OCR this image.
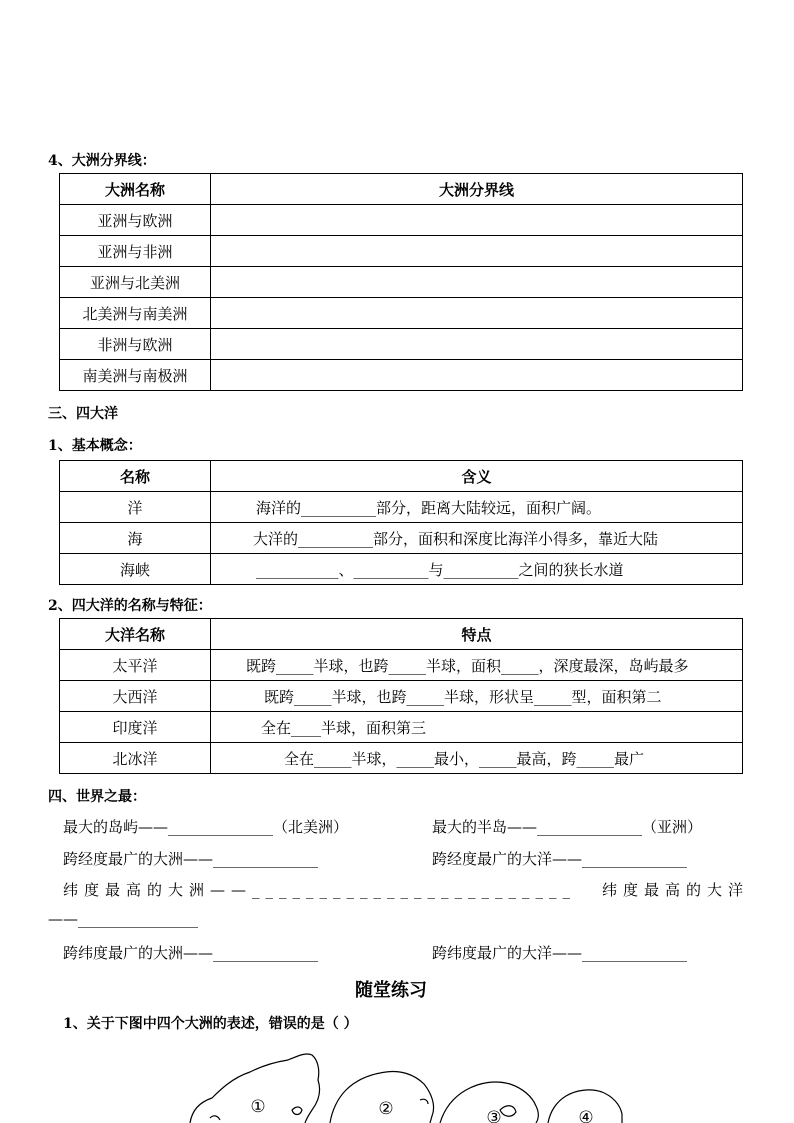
4、大洲分界线：
大洲名称	大洲分界线
亚洲与欧洲	
亚洲与非洲	
亚洲与北美洲	
北美洲与南美洲	
非洲与欧洲	
南美洲与南极洲	
三、四大洋
1、基本概念：
名称	含义
洋	海洋的__________部分，距离大陆较远，面积广阔。
海	大洋的__________部分，面积和深度比海洋小得多，靠近大陆
海峡	___________、__________与__________之间的狭长水道
2、四大洋的名称与特征：
大洋名称	特点
太平洋	既跨_____半球，也跨_____半球，面积_____，深度最深，岛屿最多
大西洋	既跨_____半球，也跨_____半球，形状呈_____型，面积第二
印度洋	全在____半球，面积第三
北冰洋	全在_____半球，_____最小，_____最高，跨_____最广
四、世界之最：
最大的岛屿——______________（北美洲）	最大的半岛——______________（亚洲）
跨经度最广的大洲——______________	跨经度最广的大洋——______________
纬度最高的大洲——________________________ 纬度最高的大洋
——________________
跨纬度最广的大洲——______________	跨纬度最广的大洋——______________
随堂练习
1、关于下图中四个大洲的表述，错误的是（ ）
①	②	③	④
